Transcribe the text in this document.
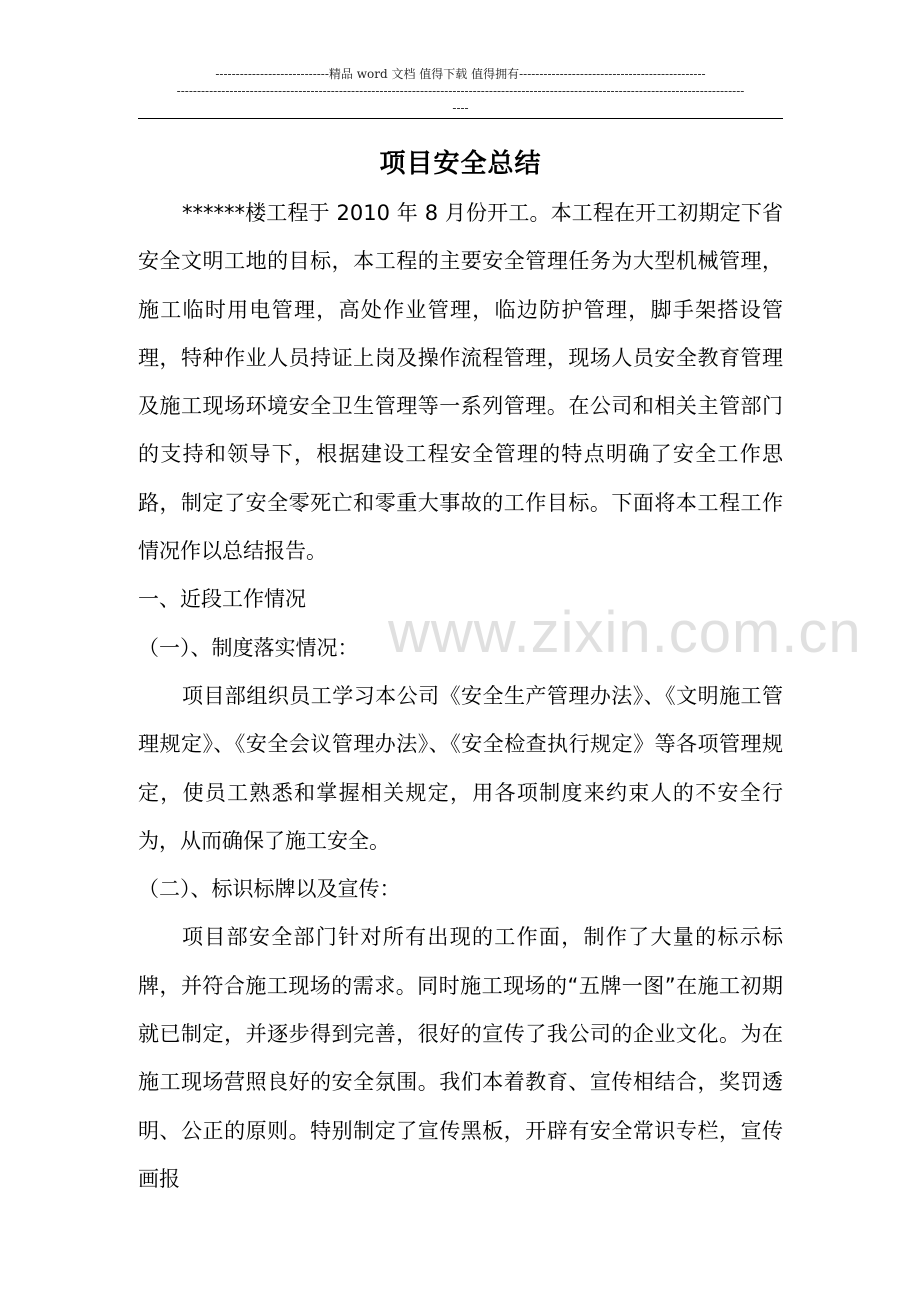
----------------------------精品 word 文档 值得下载 值得拥有----------------------------------------------
--------------------------------------------------------------------------------------------------------------------------------------------
----
项目安全总结

******楼工程于 2010 年 8 月份开工。本工程在开工初期定下省安全文明工地的目标，本工程的主要安全管理任务为大型机械管理，施工临时用电管理，高处作业管理，临边防护管理，脚手架搭设管理，特种作业人员持证上岗及操作流程管理，现场人员安全教育管理及施工现场环境安全卫生管理等一系列管理。在公司和相关主管部门的支持和领导下，根据建设工程安全管理的特点明确了安全工作思路，制定了安全零死亡和零重大事故的工作目标。下面将本工程工作情况作以总结报告。

一、近段工作情况

（一）、制度落实情况：

项目部组织员工学习本公司《安全生产管理办法》、《文明施工管理规定》、《安全会议管理办法》、《安全检查执行规定》等各项管理规定，使员工熟悉和掌握相关规定，用各项制度来约束人的不安全行为，从而确保了施工安全。

（二）、标识标牌以及宣传：

项目部安全部门针对所有出现的工作面，制作了大量的标示标牌，并符合施工现场的需求。同时施工现场的“五牌一图”在施工初期就已制定，并逐步得到完善，很好的宣传了我公司的企业文化。为在施工现场营照良好的安全氛围。我们本着教育、宣传相结合，奖罚透明、公正的原则。特别制定了宣传黑板，开辟有安全常识专栏，宣传画报

www.zixin.com.cn
